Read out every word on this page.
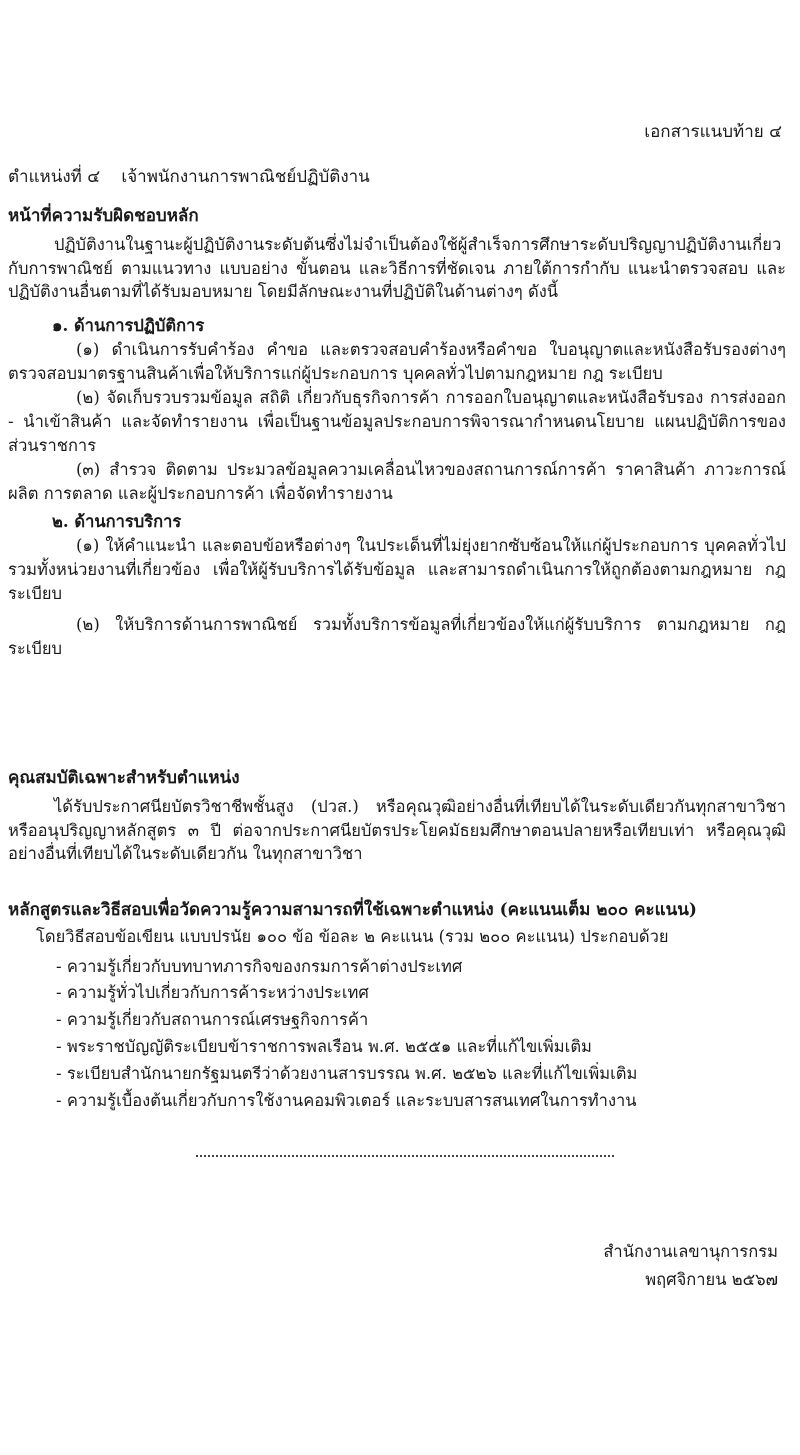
เอกสารแนบท้าย ๔
ตำแหน่งที่ ๔ เจ้าพนักงานการพาณิชย์ปฏิบัติงาน

หน้าที่ความรับผิดชอบหลัก

ปฏิบัติงานในฐานะผู้ปฏิบัติงานระดับต้นซึ่งไม่จำเป็นต้องใช้ผู้สำเร็จการศึกษาระดับปริญญาปฏิบัติงานเกี่ยวกับการพาณิชย์ ตามแนวทาง แบบอย่าง ขั้นตอน และวิธีการที่ชัดเจน ภายใต้การกำกับ แนะนำตรวจสอบ และปฏิบัติงานอื่นตามที่ได้รับมอบหมาย โดยมีลักษณะงานที่ปฏิบัติในด้านต่างๆ ดังนี้

๑. ด้านการปฏิบัติการ

(๑) ดำเนินการรับคำร้อง คำขอ และตรวจสอบคำร้องหรือคำขอ ใบอนุญาตและหนังสือรับรองต่างๆ ตรวจสอบมาตรฐานสินค้าเพื่อให้บริการแก่ผู้ประกอบการ บุคคลทั่วไปตามกฎหมาย กฎ ระเบียบ

(๒) จัดเก็บรวบรวมข้อมูล สถิติ เกี่ยวกับธุรกิจการค้า การออกใบอนุญาตและหนังสือรับรอง การส่งออก - นำเข้าสินค้า และจัดทำรายงาน เพื่อเป็นฐานข้อมูลประกอบการพิจารณากำหนดนโยบาย แผนปฏิบัติการของส่วนราชการ

(๓) สำรวจ ติดตาม ประมวลข้อมูลความเคลื่อนไหวของสถานการณ์การค้า ราคาสินค้า ภาวะการณ์ผลิต การตลาด และผู้ประกอบการค้า เพื่อจัดทำรายงาน

๒. ด้านการบริการ

(๑) ให้คำแนะนำ และตอบข้อหรือต่างๆ ในประเด็นที่ไม่ยุ่งยากซับซ้อนให้แก่ผู้ประกอบการ บุคคลทั่วไป รวมทั้งหน่วยงานที่เกี่ยวข้อง เพื่อให้ผู้รับบริการได้รับข้อมูล และสามารถดำเนินการให้ถูกต้องตามกฎหมาย กฎ ระเบียบ

(๒) ให้บริการด้านการพาณิชย์ รวมทั้งบริการข้อมูลที่เกี่ยวข้องให้แก่ผู้รับบริการ ตามกฎหมาย กฎ ระเบียบ

คุณสมบัติเฉพาะสำหรับตำแหน่ง

ได้รับประกาศนียบัตรวิชาชีพชั้นสูง (ปวส.) หรือคุณวุฒิอย่างอื่นที่เทียบได้ในระดับเดียวกันทุกสาขาวิชา หรืออนุปริญญาหลักสูตร ๓ ปี ต่อจากประกาศนียบัตรประโยคมัธยมศึกษาตอนปลายหรือเทียบเท่า หรือคุณวุฒิอย่างอื่นที่เทียบได้ในระดับเดียวกัน ในทุกสาขาวิชา

หลักสูตรและวิธีสอบเพื่อวัดความรู้ความสามารถที่ใช้เฉพาะตำแหน่ง (คะแนนเต็ม ๒๐๐ คะแนน)

โดยวิธีสอบข้อเขียน แบบปรนัย ๑๐๐ ข้อ ข้อละ ๒ คะแนน (รวม ๒๐๐ คะแนน) ประกอบด้วย

- ความรู้เกี่ยวกับบทบาทภารกิจของกรมการค้าต่างประเทศ
- ความรู้ทั่วไปเกี่ยวกับการค้าระหว่างประเทศ
- ความรู้เกี่ยวกับสถานการณ์เศรษฐกิจการค้า
- พระราชบัญญัติระเบียบข้าราชการพลเรือน พ.ศ. ๒๕๕๑ และที่แก้ไขเพิ่มเติม
- ระเบียบสำนักนายกรัฐมนตรีว่าด้วยงานสารบรรณ พ.ศ. ๒๕๒๖ และที่แก้ไขเพิ่มเติม
- ความรู้เบื้องต้นเกี่ยวกับการใช้งานคอมพิวเตอร์ และระบบสารสนเทศในการทำงาน
สำนักงานเลขานุการกรม
พฤศจิกายน ๒๕๖๗
